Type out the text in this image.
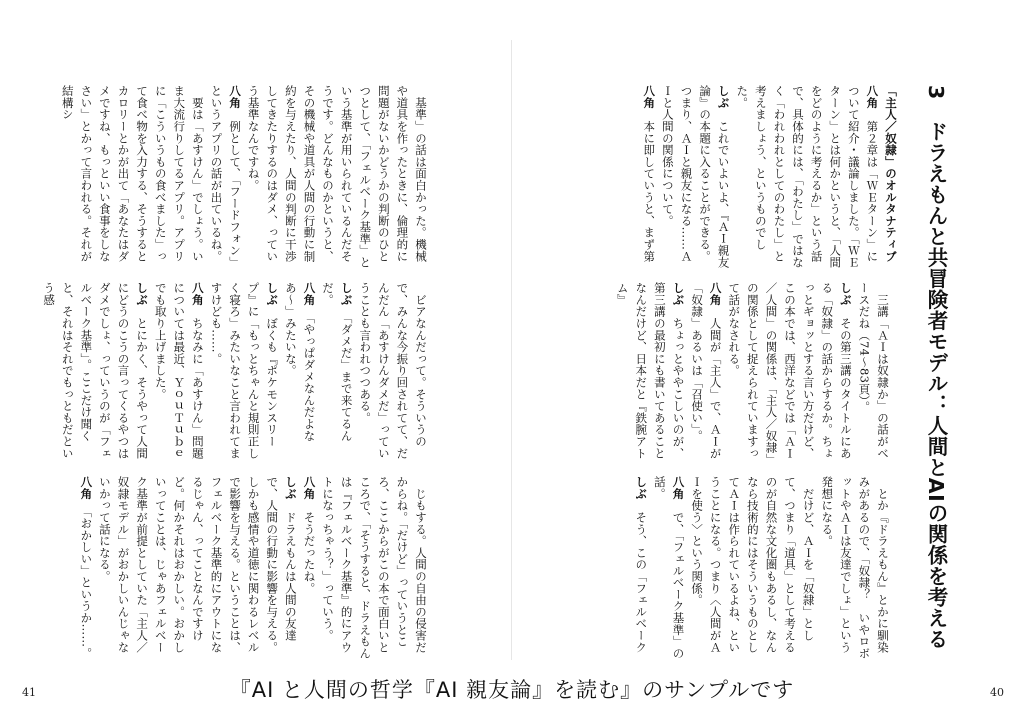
3　ドラえもんと共冒険者モデル：人間とAIの関係を考える

「主人／奴隷」のオルタナティブ

八角　第２章は「ＷＥターン」について紹介・議論しました。「ＷＥターン」とは何かというと、「人間をどのように考えるか」という話で、具体的には、「わたし」ではなく「われわれとしてのわたし」と考えましょう、というものでした。

しぶ　これでいよいよ、『ＡＩ親友論』の本題に入ることができる。つまり、ＡＩと親友になる……ＡＩと人間の関係について。

八角　本に即していうと、まず第

　三講「ＡＩは奴隷か」の話がベースだね（74〜83頁）。

しぶ　その第三講のタイトルにある「奴隷」の話からするか。ちょっとギョッとする言い方だけど、この本では、西洋などでは「ＡＩ／人間」の関係は、「主人／奴隷」の関係として捉えられていますって話がなされる。

八角　人間が「主人」で、ＡＩが「奴隷」あるいは「召使い」。

しぶ　ちょっとややこしいのが、第三講の最初にも書いてあることなんだけど、日本だと『鉄腕アトム』

　とか『ドラえもん』とかに馴染みがあるので、「奴隷？　いやロボットやＡＩは友達でしょ」という発想になる。

　だけど、ＡＩを「奴隷」として、つまり「道具」として考えるのが自然な文化圏もあるし、なんなら技術的にはそういうものとしてＡＩは作られているよね、ということになる。つまり〈人間がＡＩを使う〉という関係。

八角　で、「フェルベーク基準」の話。

しぶ　そう、この「フェルベーク

　基準」の話は面白かった。機械や道具を作ったときに、倫理的に問題がないかどうかの判断のひとつとして、「フェルベーク基準」という基準が用いられているんだそうです。どんなものかというと、その機械や道具が人間の行動に制約を与えたり、人間の判断に干渉してきたりするのはダメ、っていう基準なんですね。

八角　例として、「フードフォン」というアプリの話が出ているね。

　要は「あすけん」でしょう。いま大流行りしてるアプリ。アプリに「こういうもの食べました」って食べ物を入力する、そうするとカロリーとかが出て「あなたはダメですね、もっといい食事をしなさい」とかって言われる。それが結構シ

　ビアなんだって。そういうので、みんな今振り回されてて、だんだん「あすけんダメだ」っていうことも言われつつある。

しぶ　「ダメだ」まで来てるんだ。

八角　「やっぱダメなんだよなあ〜」みたいな。

しぶ　ぼくも『ポケモンスリープ』に「もっとちゃんと規則正しく寝ろ」みたいなこと言われてますけども……。

八角　ちなみに「あすけん」問題については最近、ＹｏｕＴｕｂｅでも取り上げました。

しぶ　とにかく、そうやって人間にどうのこうの言ってくるやつはダメでしょ、っていうのが「フェルベーク基準」。ここだけ聞くと、それはそれでもっともだという感

　じもする。人間の自由の侵害だからね。「だけど」っていうところ、ここからがこの本で面白いところで、「そうすると、ドラえもんは『フェルベーク基準』的にアウトになっちゃう？」っていう。

八角　そうだったね。

しぶ　ドラえもんは人間の友達で、人間の行動に影響を与える。しかも感情や道徳に関わるレベルで影響を与える。ということは、フェルベーク基準的にアウトになるじゃん、ってことなんですけど。何かそれはおかしい。おかしいってことは、じゃあフェルベーク基準が前提としていた「主人／奴隷モデル」がおかしいんじゃないかって話になる。

八角　「おかしい」というか……。

41	40
『AI と人間の哲学『AI 親友論』を読む』のサンプルです
